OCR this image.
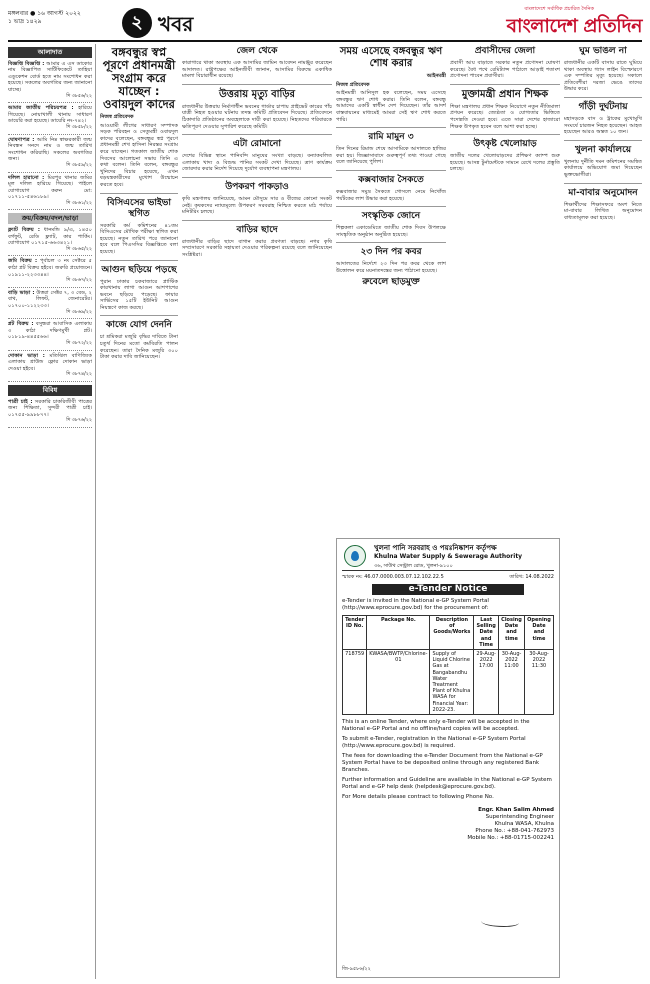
মঙ্গলবার ● ১৬ আগস্ট ২০২২
১ ভাদ্র ১৪২৯	২ খবর
বাংলাদেশে সর্বাধিক প্রচারিত দৈনিক
বাংলাদেশ প্রতিদিন
আলাদাত
বিজ্ঞপ্তি বিজ্ঞপ্তি : আমার এ এস ডাকোর নাম বিজ্ঞাপিত সার্টিফিকেটে তাহিয়া এডুকেশন বোর্ড হতে নাম সংশোধন করা হয়েছে। সকলের অবগতির জন্য জানানো যাচ্ছে।
দি ৩৮৫৬/২২
আমার জাতীয় পরিচয়পত্র : হারিয়ে গিয়েছে। নোয়াখালী থানায় সাধারণ ডায়েরি করা হয়েছে। ডায়েরি নং-৭৪২।
দি ৩৮৫৮/২২
ঘোষণাপত্র : আমি নিম্ন স্বাক্ষরকারী জন্ম নিবন্ধন সনদে নাম ও জন্ম তারিখ সংশোধন করিয়াছি। সকলের অবগতির জন্য।
দি ৩৮৫৯/২২
দলিল হারানো : মিরপুর থানার জমির মূল দলিল হারিয়ে গিয়েছে। পাইলে যোগাযোগ করুন মো: ০১৭১১-৫৪৬১৮৯।
দি ৩৮৬১/২২
ক্রয়/বিক্রয়/বদল/ভাড়া
ফ্ল্যাট বিক্রয় : ধানমন্ডি ৯/এ, ১৪৫০ বর্গফুট, রেডি ফ্ল্যাট, কার পার্কিং। যোগাযোগ ০১৭১৫-৬৬৩৪২১।
দি ৩৮৬৫/২২
জমি বিক্রয় : পূর্বাচল ৩ নং সেক্টরে ৫ কাঠা প্লট বিক্রয় হইবে। জরুরি প্রয়োজনে। ০১৯১১-২২৩৩৪৪।
দি ৩৮৬৭/২২
বাড়ি ভাড়া : উত্তরা সেক্টর ৭, ৩ বেড, ২ বাথ, লিফট, জেনারেটর। ০১৭০০-১১২২৩৩।
দি ৩৮৬৯/২২
প্লট বিক্রয় : বসুন্ধরা আবাসিক এলাকায় ৩ কাঠা দক্ষিণমুখী প্লট। ০১৮১৯-৪৪৫৫৬৬।
দি ৩৮৭২/২২
দোকান ভাড়া : মতিঝিল বাণিজ্যিক এলাকায় গ্রাউন্ড ফ্লোর দোকান ভাড়া দেওয়া হইবে।
দি ৩৮৭৪/২২
বিবিধ
পাত্রী চাই : সরকারি চাকরিজীবী পাত্রের জন্য শিক্ষিতা, সুন্দরী পাত্রী চাই। ০১৭৫৫-৯৯৮৮৭৭।
দি ৩৮৭৬/২২
বঙ্গবন্ধুর স্বপ্ন পূরণে প্রধানমন্ত্রী সংগ্রাম করে যাচ্ছেন : ওবায়দুল কাদের
নিজস্ব প্রতিবেদক

আওয়ামী লীগের সাধারণ সম্পাদক সড়ক পরিবহন ও সেতুমন্ত্রী ওবায়দুল কাদের বলেছেন, বঙ্গবন্ধুর স্বপ্ন পূরণে প্রধানমন্ত্রী শেখ হাসিনা নিরন্তর সংগ্রাম করে যাচ্ছেন। গতকাল জাতীয় শোক দিবসের আলোচনা সভায় তিনি এ কথা বলেন। তিনি বলেন, বঙ্গবন্ধুর খুনিদের বিচার হয়েছে, এখন ষড়যন্ত্রকারীদের মুখোশ উন্মোচন করতে হবে।

বিসিএসের ভাইভা স্থগিত

সরকারি কর্ম কমিশনের ৪১তম বিসিএসের মৌখিক পরীক্ষা স্থগিত করা হয়েছে। নতুন তারিখ পরে জানানো হবে বলে পিএসসির বিজ্ঞপ্তিতে বলা হয়েছে।

আগুন ছড়িয়ে পড়ছে

পুরান ঢাকার চকবাজারে প্লাস্টিক কারখানায় লাগা আগুন আশপাশের ভবনে ছড়িয়ে পড়েছে। ফায়ার সার্ভিসের ১৫টি ইউনিট আগুন নিয়ন্ত্রণে কাজ করছে।

কাজে যোগ দেননি

চা শ্রমিকরা মজুরি বৃদ্ধির দাবিতে টানা চতুর্থ দিনের মতো কর্মবিরতি পালন করেছেন। তারা দৈনিক মজুরি ৩০০ টাকা করার দাবি জানিয়েছেন।

জেল থেকে

কারাগারে থাকা অবস্থায় এক আসামির জামিন আবেদন নামঞ্জুর করেছেন আদালত। রাষ্ট্রপক্ষের আইনজীবী জানান, আসামির বিরুদ্ধে একাধিক মামলা বিচারাধীন রয়েছে।

উত্তরায় মৃত্যু বাড়ির

রাজধানীর উত্তরায় নির্মাণাধীন ভবনের গার্ডার চাপায় প্রাইভেট কারের পাঁচ যাত্রী নিহত হওয়ার ঘটনায় তদন্ত কমিটি প্রতিবেদন দিয়েছে। প্রতিবেদনে ঠিকাদারি প্রতিষ্ঠানের অবহেলাকে দায়ী করা হয়েছে। নিহতদের পরিবারকে ক্ষতিপূরণ দেওয়ার সুপারিশ করেছে কমিটি।

এটা রোমানো

দেশের বিভিন্ন স্থানে পানিবন্দি মানুষের সংখ্যা বাড়ছে। বন্যাকবলিত এলাকায় খাদ্য ও বিশুদ্ধ পানির সংকট দেখা দিয়েছে। ত্রাণ কার্যক্রম জোরদার করার নির্দেশ দিয়েছে দুর্যোগ ব্যবস্থাপনা মন্ত্রণালয়।

উপকরণ পাকড়াও

কৃষি মন্ত্রণালয় জানিয়েছে, আমন মৌসুমে সার ও বীজের কোনো সংকট নেই। কৃষকদের ন্যায্যমূল্যে উপকরণ সরবরাহ নিশ্চিত করতে মাঠ পর্যায়ে মনিটরিং চলছে।

বাড়ির ছাদে

রাজধানীর বাড়ির ছাদে বাগান করার প্রবণতা বাড়ছে। নগর কৃষি সম্প্রসারণে সরকারি সহায়তা দেওয়ার পরিকল্পনা রয়েছে বলে জানিয়েছেন সংশ্লিষ্টরা।

সময় এসেছে বঙ্গবন্ধুর ঋণ শোধ করার
আইনমন্ত্রী
নিজস্ব প্রতিবেদক

আইনমন্ত্রী আনিসুল হক বলেছেন, সময় এসেছে বঙ্গবন্ধুর ঋণ শোধ করার। তিনি বলেন, বঙ্গবন্ধু আমাদের একটি স্বাধীন দেশ দিয়েছেন। তাঁর আদর্শ বাস্তবায়নের মাধ্যমেই আমরা সেই ঋণ শোধ করতে পারি।

রামি মামুন ৩

তিন দিনের রিমান্ড শেষে আসামিকে আদালতে হাজির করা হয়। জিজ্ঞাসাবাদে গুরুত্বপূর্ণ তথ্য পাওয়া গেছে বলে জানিয়েছে পুলিশ।

কক্সবাজার সৈকতে

কক্সবাজার সমুদ্র সৈকতে গোসলে নেমে নিখোঁজ পর্যটকের লাশ উদ্ধার করা হয়েছে।

সংস্কৃতিক জোনে

শিল্পকলা একাডেমিতে জাতীয় শোক দিবস উপলক্ষে সাংস্কৃতিক অনুষ্ঠান অনুষ্ঠিত হয়েছে।

২৩ দিন পর কবর

আদালতের নির্দেশে ২৩ দিন পর কবর থেকে লাশ উত্তোলন করে ময়নাতদন্তের জন্য পাঠানো হয়েছে।

রুবেলে ছাড়মুক্ত
প্রবাসীদের জেলা

প্রবাসী আয় বাড়াতে সরকার নতুন প্রণোদনা ঘোষণা করেছে। বৈধ পথে রেমিট্যান্স পাঠালে আড়াই শতাংশ প্রণোদনা পাবেন প্রবাসীরা।

মুক্তামন্ত্রী প্রধান শিক্ষক

শিক্ষা মন্ত্রণালয় প্রধান শিক্ষক নিয়োগে নতুন নীতিমালা প্রণয়ন করেছে। জ্যেষ্ঠতা ও যোগ্যতার ভিত্তিতে পদোন্নতি দেওয়া হবে। এতে সারা দেশের হাজারো শিক্ষক উপকৃত হবেন বলে আশা করা হচ্ছে।

উৎকৃষ্ট খেলোয়াড়

জাতীয় দলের খেলোয়াড়দের প্রশিক্ষণ ক্যাম্প শুরু হয়েছে। আসন্ন টুর্নামেন্টকে সামনে রেখে দলের প্রস্তুতি চলছে।

ঘুম ভাঙল না

রাজধানীর একটি বাসায় রাতে ঘুমিয়ে থাকা অবস্থায় গ্যাস লাইন বিস্ফোরণে এক দম্পতির মৃত্যু হয়েছে। সকালে প্রতিবেশীরা দরজা ভেঙে তাদের উদ্ধার করে।

গাঁড়ী দুর্ঘটনায়

মহাসড়কে বাস ও ট্রাকের মুখোমুখি সংঘর্ষে চারজন নিহত হয়েছেন। আহত হয়েছেন আরও অন্তত ১০ জন।

খুলনা কার্যালয়ে

খুলনায় দুর্নীতি দমন কমিশনের সমন্বিত কার্যালয়ে অভিযোগ জমা দিয়েছেন ভুক্তভোগীরা।

মা-বাবার অনুমোদন

শিক্ষার্থীদের শিক্ষাসফরে অংশ নিতে মা-বাবার লিখিত অনুমোদন বাধ্যতামূলক করা হয়েছে।

খুলনা পানি সরবরাহ ও পয়ঃনিষ্কাশন কর্তৃপক্ষ
Khulna Water Supply & Sewerage Authority
৩৬, সাউথ সেন্ট্রাল রোড, খুলনা-৯১০০
স্মারক নং: 46.07.0000.003.07.12.102.22.5	তারিখ: 14.08.2022
e-Tender Notice

e-Tender is invited in the National e-GP System Portal (http://www.eprocure.gov.bd) for the procurement of:

Tender ID No.	Package No.	Description of Goods/Works	Last Selling Date and Time	Closing Date and time	Opening Date and time
718759	KWASA/BWTP/Chlorine-01	Supply of Liquid Chlorine Gas at Bangabandhu Water Treatment Plant of Khulna WASA for Financial Year: 2022-23.	29-Aug-2022 17:00	30-Aug-2022 11:00	30-Aug-2022 11:30

This is an online Tender, where only e-Tender will be accepted in the National e-GP Portal and no offline/hard copies will be accepted.

To submit e-Tender, registration in the National e-GP System Portal (http://www.eprocure.gov.bd) is required.

The fees for downloading the e-Tender Document from the National e-GP System Portal have to be deposited online through any registered Bank Branches.

Further information and Guideline are available in the National e-GP System Portal and e-GP help desk (helpdesk@eprocure.gov.bd).

For More details please contract to following Phone No.

Engr. Khan Salim Ahmed
Superintending Engineer
Khulna WASA, Khulna
Phone No.: +88-041-762973
Mobile No.: +88-01715-002241
জি-৯৫৮৬/২২
